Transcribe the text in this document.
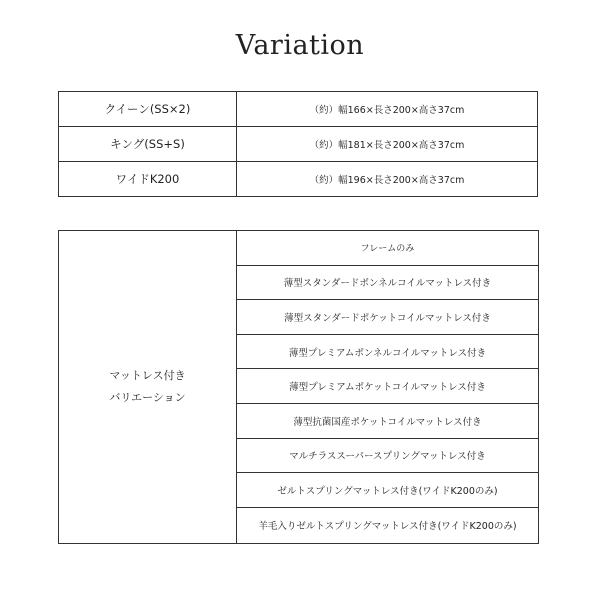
Variation
クイーン(SS×2)	（約）幅166×長さ200×高さ37cm
キング(SS+S)	（約）幅181×長さ200×高さ37cm
ワイドK200	（約）幅196×長さ200×高さ37cm
マットレス付き
バリエーション
フレームのみ
薄型スタンダードボンネルコイルマットレス付き
薄型スタンダードポケットコイルマットレス付き
薄型プレミアムボンネルコイルマットレス付き
薄型プレミアムポケットコイルマットレス付き
薄型抗菌国産ポケットコイルマットレス付き
マルチラススーパースプリングマットレス付き
ゼルトスプリングマットレス付き(ワイドK200のみ)
羊毛入りゼルトスプリングマットレス付き(ワイドK200のみ)
